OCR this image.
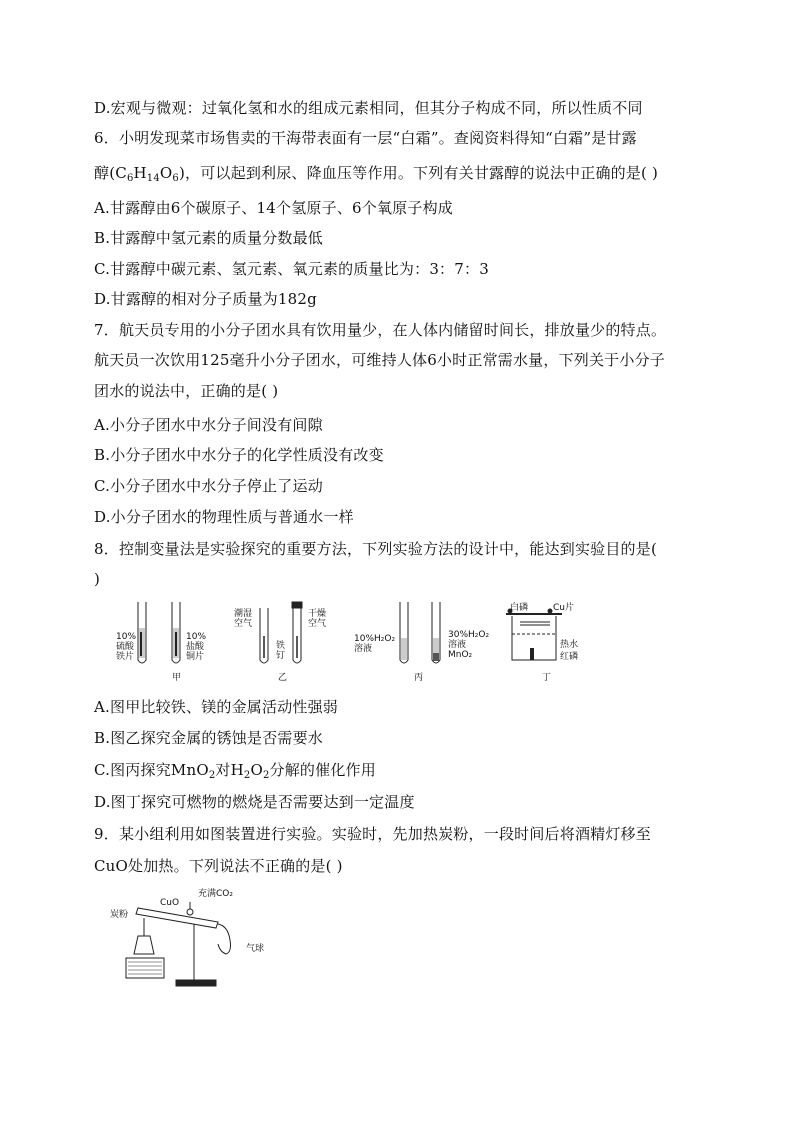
D.宏观与微观：过氧化氢和水的组成元素相同，但其分子构成不同，所以性质不同
6．小明发现菜市场售卖的干海带表面有一层“白霜”。查阅资料得知“白霜”是甘露
醇$(C_6H_{14}O_6)$，可以起到利尿、降血压等作用。下列有关甘露醇的说法中正确的是( )
A.甘露醇由6个碳原子、14个氢原子、6个氧原子构成
B.甘露醇中氢元素的质量分数最低
C.甘露醇中碳元素、氢元素、氧元素的质量比为：3：7：3
D.甘露醇的相对分子质量为182g
7．航天员专用的小分子团水具有饮用量少，在人体内储留时间长，排放量少的特点。
航天员一次饮用125毫升小分子团水，可维持人体6小时正常需水量，下列关于小分子
团水的说法中，正确的是( )
A.小分子团水中水分子间没有间隙
B.小分子团水中水分子的化学性质没有改变
C.小分子团水中水分子停止了运动
D.小分子团水的物理性质与普通水一样
8．控制变量法是实验探究的重要方法，下列实验方法的设计中，能达到实验目的是(
)
A.图甲比较铁、镁的金属活动性强弱
B.图乙探究金属的锈蚀是否需要水
C.图丙探究MnO$_2$对$H_2O_2$分解的催化作用
D.图丁探究可燃物的燃烧是否需要达到一定温度
9．某小组利用如图装置进行实验。实验时，先加热炭粉，一段时间后将酒精灯移至
CuO处加热。下列说法不正确的是( )
10%
硫酸
铁片
10%
盐酸
铜片
甲
潮湿
空气
干燥
空气
铁
钉
乙
10%H₂O₂
溶液
30%H₂O₂
溶液
MnO₂
丙
白磷	Cu片
热水
红磷
丁
炭粉
CuO
充满CO₂
气球
